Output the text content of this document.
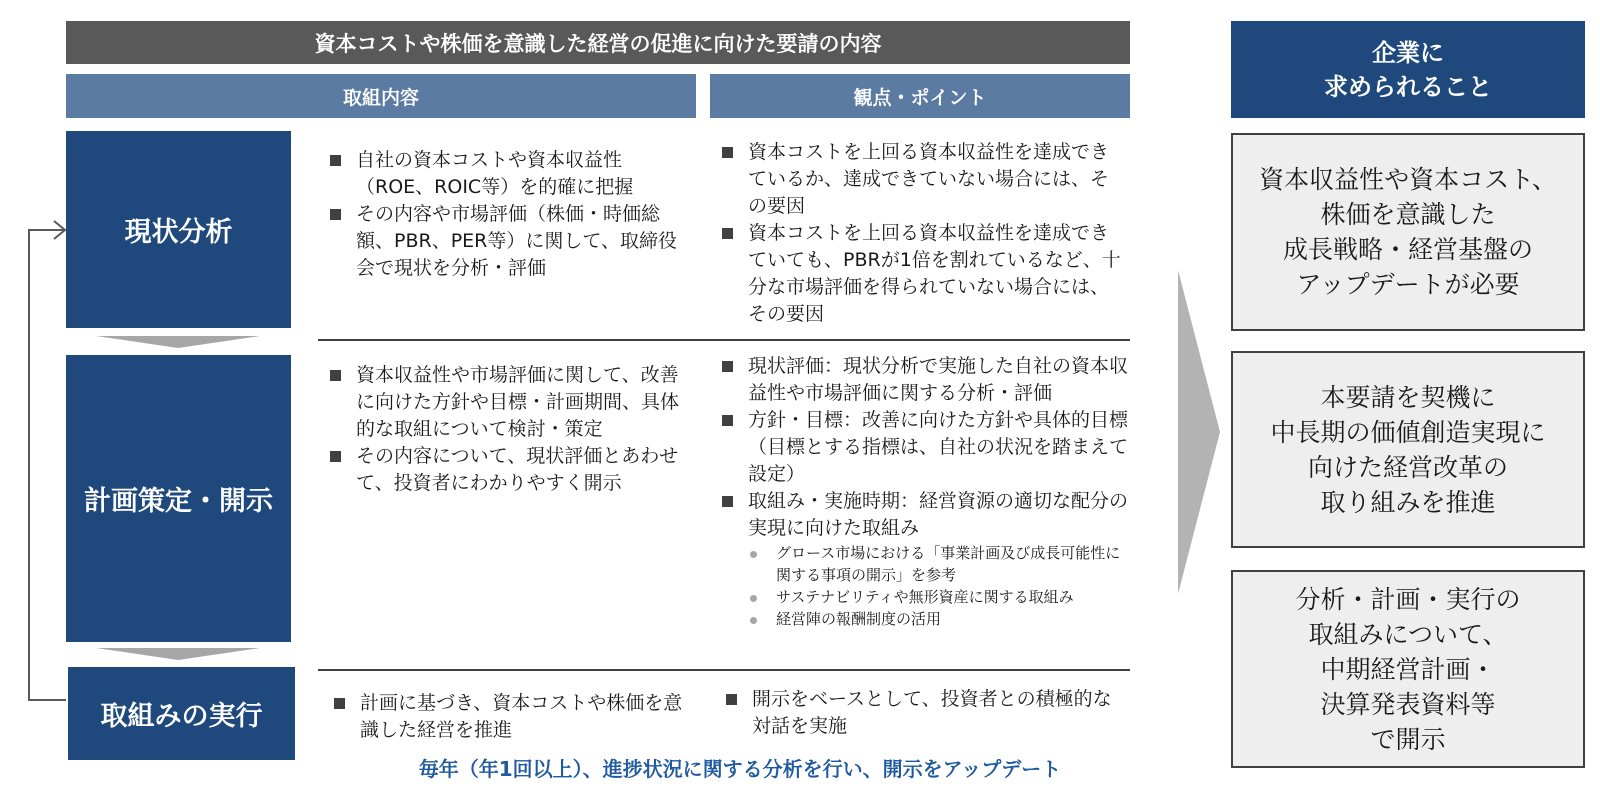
資本コストや株価を意識した経営の促進に向けた要請の内容
取組内容	観点・ポイント
現状分析
計画策定・開示
取組みの実行
自社の資本コストや資本収益性（ROE、ROIC等）を的確に把握
その内容や市場評価（株価・時価総額、PBR、PER等）に関して、取締役会で現状を分析・評価
資本コストを上回る資本収益性を達成できているか、達成できていない場合には、その要因
資本コストを上回る資本収益性を達成できていても、PBRが1倍を割れているなど、十分な市場評価を得られていない場合には、その要因
資本収益性や市場評価に関して、改善に向けた方針や目標・計画期間、具体的な取組について検討・策定
その内容について、現状評価とあわせて、投資者にわかりやすく開示
現状評価：現状分析で実施した自社の資本収益性や市場評価に関する分析・評価
方針・目標：改善に向けた方針や具体的目標（目標とする指標は、自社の状況を踏まえて設定）
取組み・実施時期：経営資源の適切な配分の実現に向けた取組み
グロース市場における「事業計画及び成長可能性に関する事項の開示」を参考
サステナビリティや無形資産に関する取組み
経営陣の報酬制度の活用
計画に基づき、資本コストや株価を意識した経営を推進
開示をベースとして、投資者との積極的な対話を実施
毎年（年1回以上）、進捗状況に関する分析を行い、開示をアップデート
企業に
求められること
資本収益性や資本コスト、
株価を意識した
成長戦略・経営基盤の
アップデートが必要
本要請を契機に
中長期の価値創造実現に
向けた経営改革の
取り組みを推進
分析・計画・実行の
取組みについて、
中期経営計画・
決算発表資料等
で開示
